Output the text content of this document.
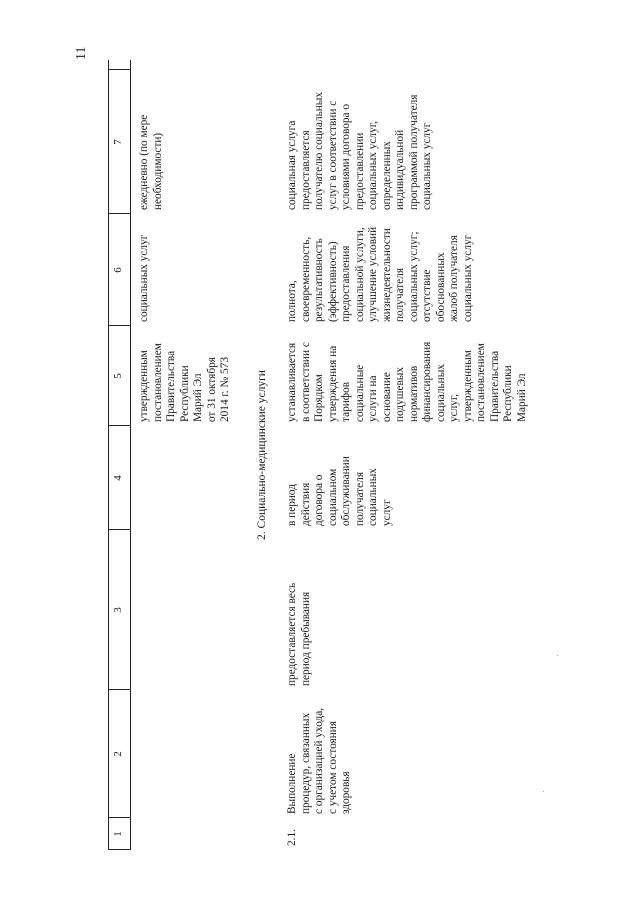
11
1
2
3
4
5
6
7
утвержденным
постановлением
Правительства
Республики
Марий Эл
от 31 октября
2014 г. № 573
социальных услуг
ежедневно (по мере
необходимости)
2. Социально-медицинские услуги
2.1.
Выполнение
процедур, связанных
с организацией ухода,
с учетом состояния
здоровья
предоставляется весь
период пребывания
в период
действия
договора о
социальном
обслуживании
получателя
социальных
услуг
устанавливается
в соответствии с
Порядком
утверждения на
тарифов
социальные
услуги на
основание
подушевых
нормативов
финансирования
социальных
услуг,
утвержденным
постановлением
Правительства
Республики
Марий Эл
полнота,
своевременность,
результативность
(эффективность)
предоставления
социальной услуги,
улучшение условий
жизнедеятельности
получателя
социальных услуг;
отсутствие
обоснованных
жалоб получателя
социальных услуг
социальная услуга
предоставляется
получателю социальных
услуг в соответствии с
условиями договора о
предоставлении
социальных услуг,
определенных
индивидуальной
программой получателя
социальных услуг
